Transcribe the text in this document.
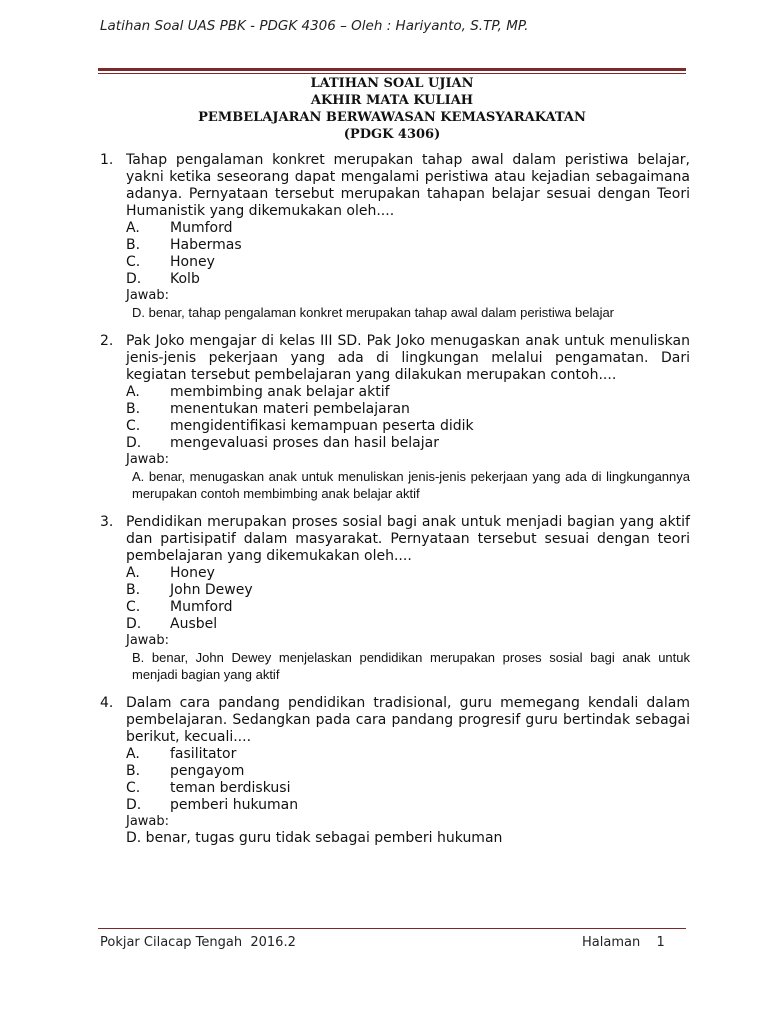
Latihan Soal UAS PBK - PDGK 4306 – Oleh : Hariyanto, S.TP, MP.
LATIHAN SOAL UJIAN
AKHIR MATA KULIAH
PEMBELAJARAN BERWAWASAN KEMASYARAKATAN
(PDGK 4306)
1. Tahap pengalaman konkret merupakan tahap awal dalam peristiwa belajar, yakni ketika seseorang dapat mengalami peristiwa atau kejadian sebagaimana adanya. Pernyataan tersebut merupakan tahapan belajar sesuai dengan Teori Humanistik yang dikemukakan oleh....
A.	Mumford
B.	Habermas
C.	Honey
D.	Kolb
Jawab:
D. benar, tahap pengalaman konkret merupakan tahap awal dalam peristiwa belajar
2. Pak Joko mengajar di kelas III SD. Pak Joko menugaskan anak untuk menuliskan jenis-jenis pekerjaan yang ada di lingkungan melalui pengamatan. Dari kegiatan tersebut pembelajaran yang dilakukan merupakan contoh....
A.	membimbing anak belajar aktif
B.	menentukan materi pembelajaran
C.	mengidentifikasi kemampuan peserta didik
D.	mengevaluasi proses dan hasil belajar
Jawab:
A. benar, menugaskan anak untuk menuliskan jenis-jenis pekerjaan yang ada di lingkungannya merupakan contoh membimbing anak belajar aktif
3. Pendidikan merupakan proses sosial bagi anak untuk menjadi bagian yang aktif dan partisipatif dalam masyarakat. Pernyataan tersebut sesuai dengan teori pembelajaran yang dikemukakan oleh....
A.	Honey
B.	John Dewey
C.	Mumford
D.	Ausbel
Jawab:
B. benar, John Dewey menjelaskan pendidikan merupakan proses sosial bagi anak untuk menjadi bagian yang aktif
4. Dalam cara pandang pendidikan tradisional, guru memegang kendali dalam pembelajaran. Sedangkan pada cara pandang progresif guru bertindak sebagai berikut, kecuali....
A.	fasilitator
B.	pengayom
C.	teman berdiskusi
D.	pemberi hukuman
Jawab:
D. benar, tugas guru tidak sebagai pemberi hukuman
Pokjar Cilacap Tengah  2016.2	Halaman  1
